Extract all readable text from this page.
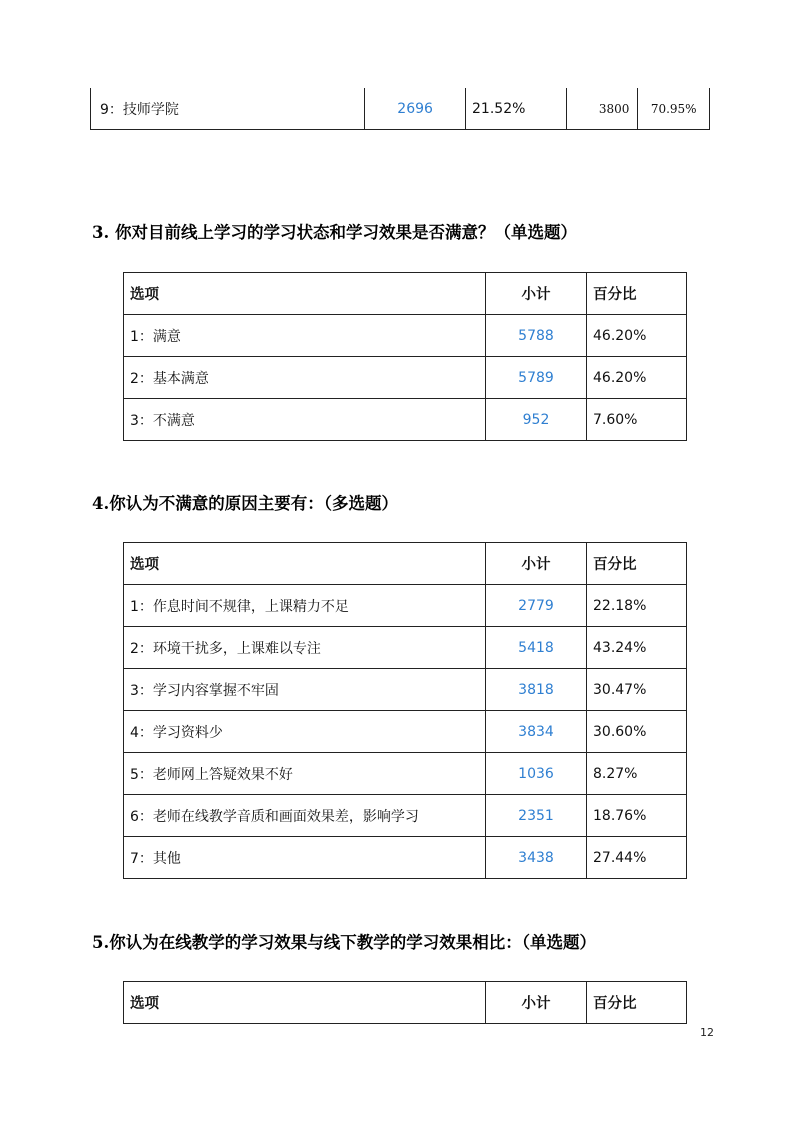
9：技师学院	2696	21.52%	3800	70.95%
3. 你对目前线上学习的学习状态和学习效果是否满意？（单选题）
选项	小计	百分比
1：满意	5788	46.20%
2：基本满意	5789	46.20%
3：不满意	952	7.60%
4.你认为不满意的原因主要有：（多选题）
选项	小计	百分比
1：作息时间不规律，上课精力不足	2779	22.18%
2：环境干扰多，上课难以专注	5418	43.24%
3：学习内容掌握不牢固	3818	30.47%
4：学习资料少	3834	30.60%
5：老师网上答疑效果不好	1036	8.27%
6：老师在线教学音质和画面效果差，影响学习	2351	18.76%
7：其他	3438	27.44%
5.你认为在线教学的学习效果与线下教学的学习效果相比：（单选题）
选项	小计	百分比
12
